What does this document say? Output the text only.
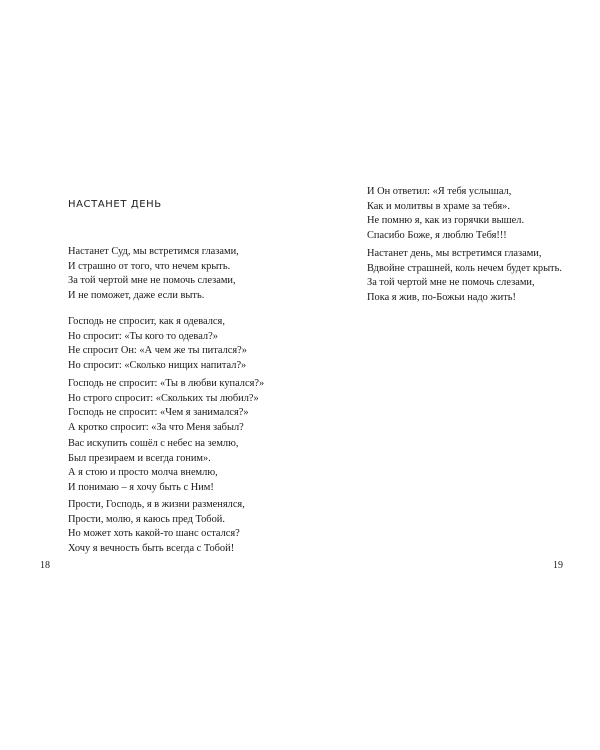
НАСТАНЕТ ДЕНЬ
Настанет Суд, мы встретимся глазами,
И страшно от того, что нечем крыть.
За той чертой мне не помочь слезами,
И не поможет, даже если выть.
Господь не спросит, как я одевался,
Но спросит: «Ты кого то одевал?»
Не спросит Он: «А чем же ты питался?»
Но спросит: «Сколько нищих напитал?»
Господь не спросит: «Ты в любви купался?»
Но строго спросит: «Скольких ты любил?»
Господь не спросит: «Чем я занимался?»
А кротко спросит: «За что Меня забыл?
Вас искупить сошёл с небес на землю,
Был презираем и всегда гоним».
А я стою и просто молча внемлю,
И понимаю – я хочу быть с Ним!
Прости, Господь, я в жизни разменялся,
Прости, молю, я каюсь пред Тобой.
Но может хоть какой-то шанс остался?
Хочу я вечность быть всегда с Тобой!
18
И Он ответил: «Я тебя услышал,
Как и молитвы в храме за тебя».
Не помню я, как из горячки вышел.
Спасибо Боже, я люблю Тебя!!!
Настанет день, мы встретимся глазами,
Вдвойне страшней, коль нечем будет крыть.
За той чертой мне не помочь слезами,
Пока я жив, по-Божьи надо жить!
19
